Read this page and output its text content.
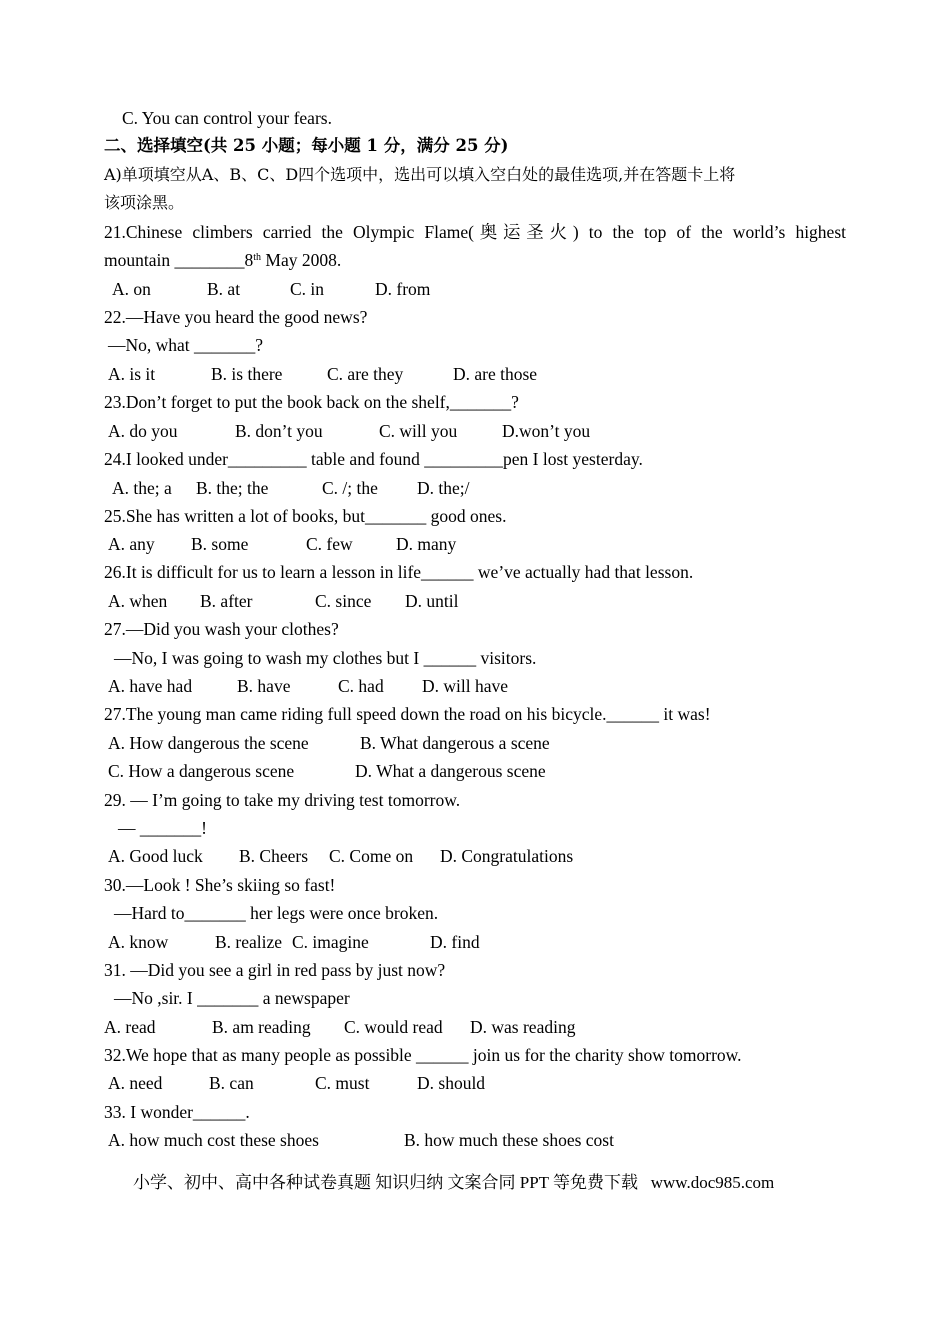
C. You can control your fears.
二、选择填空(共 25 小题；每小题 1 分，满分 25 分)
A)单项填空从A、B、C、D四个选项中，选出可以填入空白处的最佳选项,并在答题卡上将
该项涂黑。
21.Chinese climbers carried the Olympic Flame(奥运圣火) to the top of the world’s highest
mountain ________8th May 2008.
A. on	B. at	C. in	D. from
22.—Have you heard the good news?
—No, what _______?
A. is it	B. is there	C. are they	D. are those
23.Don’t forget to put the book back on the shelf,_______?
A. do you	B. don’t you	C. will you	D.won’t you
24.I looked under_________ table and found _________pen I lost yesterday.
A. the; a B. the; the	C. /; the D. the;/
25.She has written a lot of books, but_______ good ones.
A. any B. some	C. few D. many
26.It is difficult for us to learn a lesson in life______ we’ve actually had that lesson.
A. when B. after	C. since D. until
27.—Did you wash your clothes?
—No, I was going to wash my clothes but I ______ visitors.
A. have had	B. have	C. had D. will have
27.The young man came riding full speed down the road on his bicycle.______ it was!
A. How dangerous the scene	B. What dangerous a scene
C. How a dangerous scene	D. What a dangerous scene
29. — I’m going to take my driving test tomorrow.
— _______!
A. Good luck B. Cheers C. Come on D. Congratulations
30.—Look ! She’s skiing so fast!
—Hard to_______ her legs were once broken.
A. know	B. realize C. imagine	D. find
31. —Did you see a girl in red pass by just now?
—No ,sir. I _______ a newspaper
A. read	B. am reading C. would read D. was reading
32.We hope that as many people as possible ______ join us for the charity show tomorrow.
A. need	B. can	C. must	D. should
33. I wonder______.
A. how much cost these shoes	B. how much these shoes cost
小学、初中、高中各种试卷真题 知识归纳 文案合同 PPT 等免费下载   www.doc985.com
